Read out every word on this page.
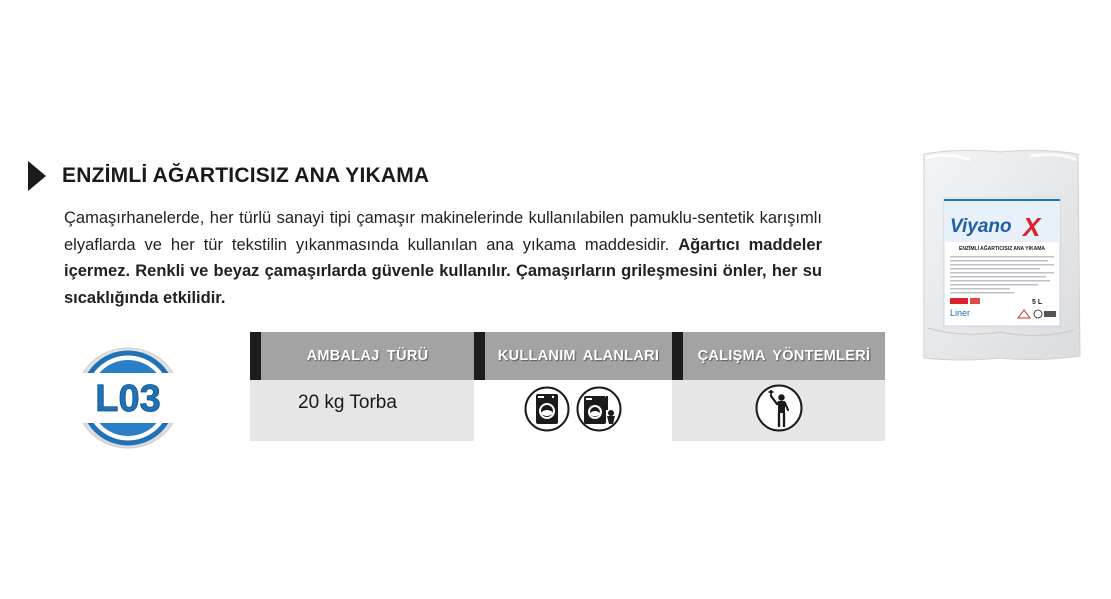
ENZİMLİ AĞARTICISIZ ANA YIKAMA

Çamaşırhanelerde, her türlü sanayi tipi çamaşır makinelerinde kullanılabilen pamuklu-sentetik karışımlı elyaflarda ve her tür tekstilin yıkanmasında kullanılan ana yıkama maddesidir. Ağartıcı maddeler içermez. Renkli ve beyaz çamaşırlarda güvenle kullanılır. Çamaşırların grileşmesini önler, her su sıcaklığında etkilidir.

L03
AMBALAJ TÜRÜ	KULLANIM ALANLARI	ÇALIŞMA YÖNTEMLERİ
20 kg Torba
Viyano X
ENZİMLİ AĞARTICISIZ ANA YIKAMA
5 L
Liner
